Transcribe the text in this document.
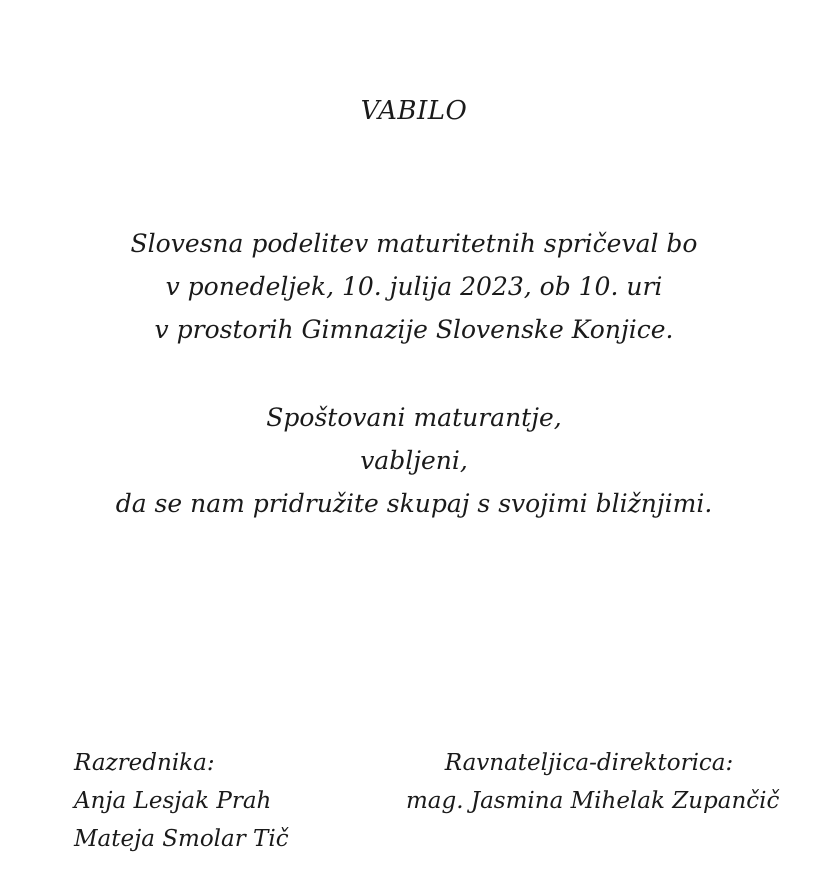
VABILO
Slovesna podelitev maturitetnih spričeval bo
v ponedeljek, 10. julija 2023, ob 10. uri
v prostorih Gimnazije Slovenske Konjice.
Spoštovani maturantje,
vabljeni,
da se nam pridružite skupaj s svojimi bližnjimi.
Razrednika:
Anja Lesjak Prah
Mateja Smolar Tič
Ravnateljica-direktorica:
mag. Jasmina Mihelak Zupančič
